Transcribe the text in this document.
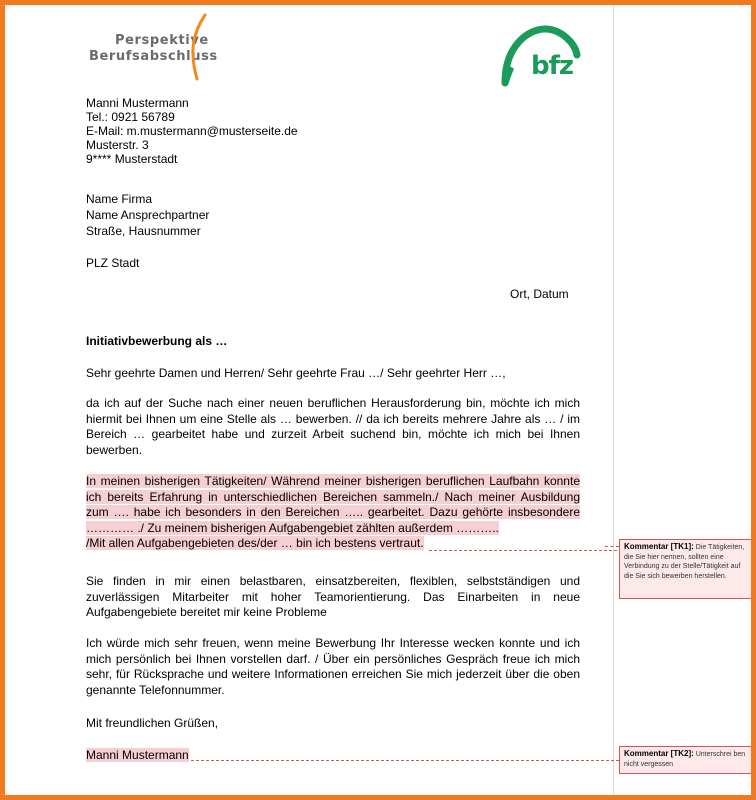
Perspektive
Berufsabschluss	bfz
Manni Mustermann
Tel.: 0921 56789
E-Mail: m.mustermann@musterseite.de
Musterstr. 3
9**** Musterstadt
Name Firma
Name Ansprechpartner
Straße, Hausnummer
PLZ Stadt
Ort, Datum
Initiativbewerbung als …
Sehr geehrte Damen und Herren/ Sehr geehrte Frau …/ Sehr geehrter Herr …,
da ich auf der Suche nach einer neuen beruflichen Herausforderung bin, möchte ich mich hiermit bei Ihnen um eine Stelle als … bewerben. // da ich bereits mehrere Jahre als … / im Bereich … gearbeitet habe und zurzeit Arbeit suchend bin, möchte ich mich bei Ihnen bewerben.
In meinen bisherigen Tätigkeiten/ Während meiner bisherigen beruflichen Laufbahn konnte
ich bereits Erfahrung in unterschiedlichen Bereichen sammeln./ Nach meiner Ausbildung
zum …. habe ich besonders in den Bereichen ….. gearbeitet. Dazu gehörte insbesondere
………… ./ Zu meinem bisherigen Aufgabengebiet zählten außerdem ………..
/Mit allen Aufgabengebieten des/der … bin ich bestens vertraut.
Sie finden in mir einen belastbaren, einsatzbereiten, flexiblen, selbstständigen und zuverlässigen Mitarbeiter mit hoher Teamorientierung. Das Einarbeiten in neue Aufgabengebiete bereitet mir keine Probleme
Ich würde mich sehr freuen, wenn meine Bewerbung Ihr Interesse wecken konnte und ich mich persönlich bei Ihnen vorstellen darf. / Über ein persönliches Gespräch freue ich mich sehr, für Rücksprache und weitere Informationen erreichen Sie mich jederzeit über die oben genannte Telefonnummer.
Mit freundlichen Grüßen,
Manni Mustermann
Kommentar [TK1]: Die Tätigkeiten, die Sie hier nennen, sollten eine Verbindung zu der Stelle/Tätigkeit auf die Sie sich bewerben herstellen.
Kommentar [TK2]: Unterschrei ben nicht vergessen
